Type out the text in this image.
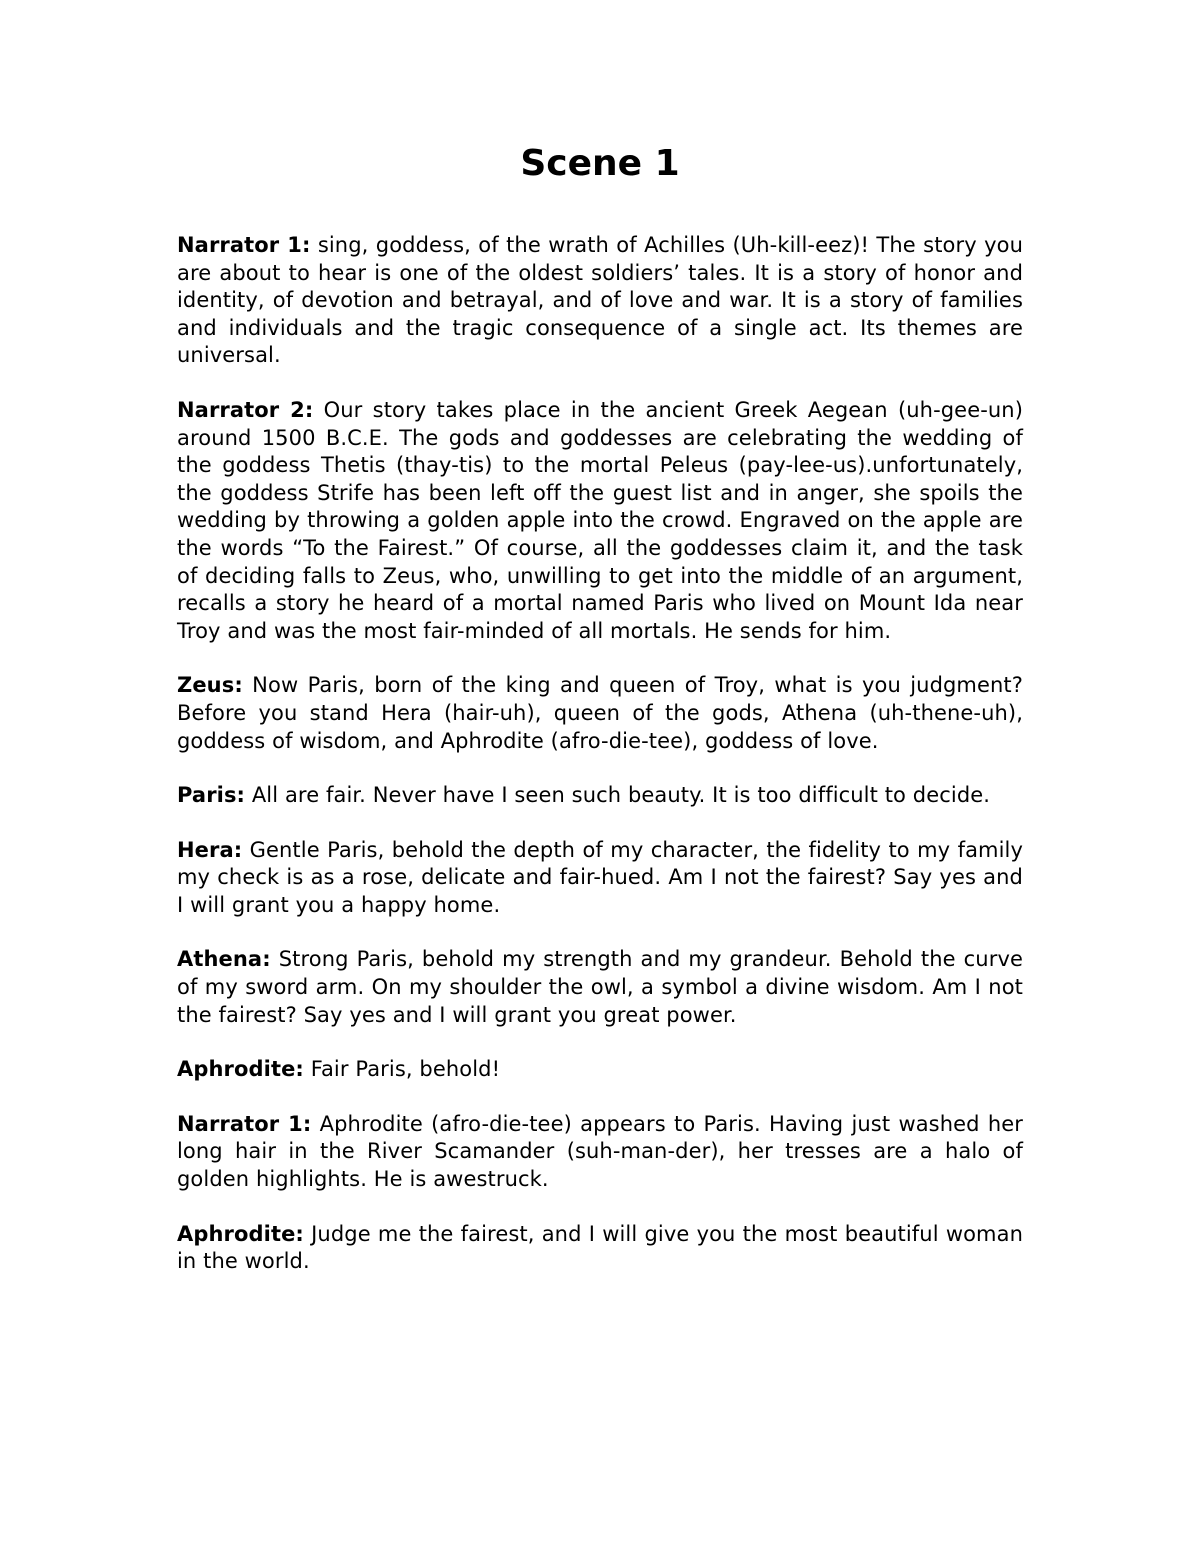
Scene 1

Narrator 1: sing, goddess, of the wrath of Achilles (Uh-kill-eez)! The story you are about to hear is one of the oldest soldiers’ tales. It is a story of honor and identity, of devotion and betrayal, and of love and war. It is a story of families and individuals and the tragic consequence of a single act. Its themes are universal.

Narrator 2: Our story takes place in the ancient Greek Aegean (uh-gee-un) around 1500 B.C.E. The gods and goddesses are celebrating the wedding of the goddess Thetis (thay-tis) to the mortal Peleus (pay-lee-us).unfortunately, the goddess Strife has been left off the guest list and in anger, she spoils the wedding by throwing a golden apple into the crowd. Engraved on the apple are the words “To the Fairest.” Of course, all the goddesses claim it, and the task of deciding falls to Zeus, who, unwilling to get into the middle of an argument, recalls a story he heard of a mortal named Paris who lived on Mount Ida near Troy and was the most fair-minded of all mortals. He sends for him.

Zeus: Now Paris, born of the king and queen of Troy, what is you judgment? Before you stand Hera (hair-uh), queen of the gods, Athena (uh-thene-uh), goddess of wisdom, and Aphrodite (afro-die-tee), goddess of love.

Paris: All are fair. Never have I seen such beauty. It is too difficult to decide.

Hera: Gentle Paris, behold the depth of my character, the fidelity to my family my check is as a rose, delicate and fair-hued. Am I not the fairest? Say yes and I will grant you a happy home.

Athena: Strong Paris, behold my strength and my grandeur. Behold the curve of my sword arm. On my shoulder the owl, a symbol a divine wisdom. Am I not the fairest? Say yes and I will grant you great power.

Aphrodite: Fair Paris, behold!

Narrator 1: Aphrodite (afro-die-tee) appears to Paris. Having just washed her long hair in the River Scamander (suh-man-der), her tresses are a halo of golden highlights. He is awestruck.

Aphrodite: Judge me the fairest, and I will give you the most beautiful woman in the world.
